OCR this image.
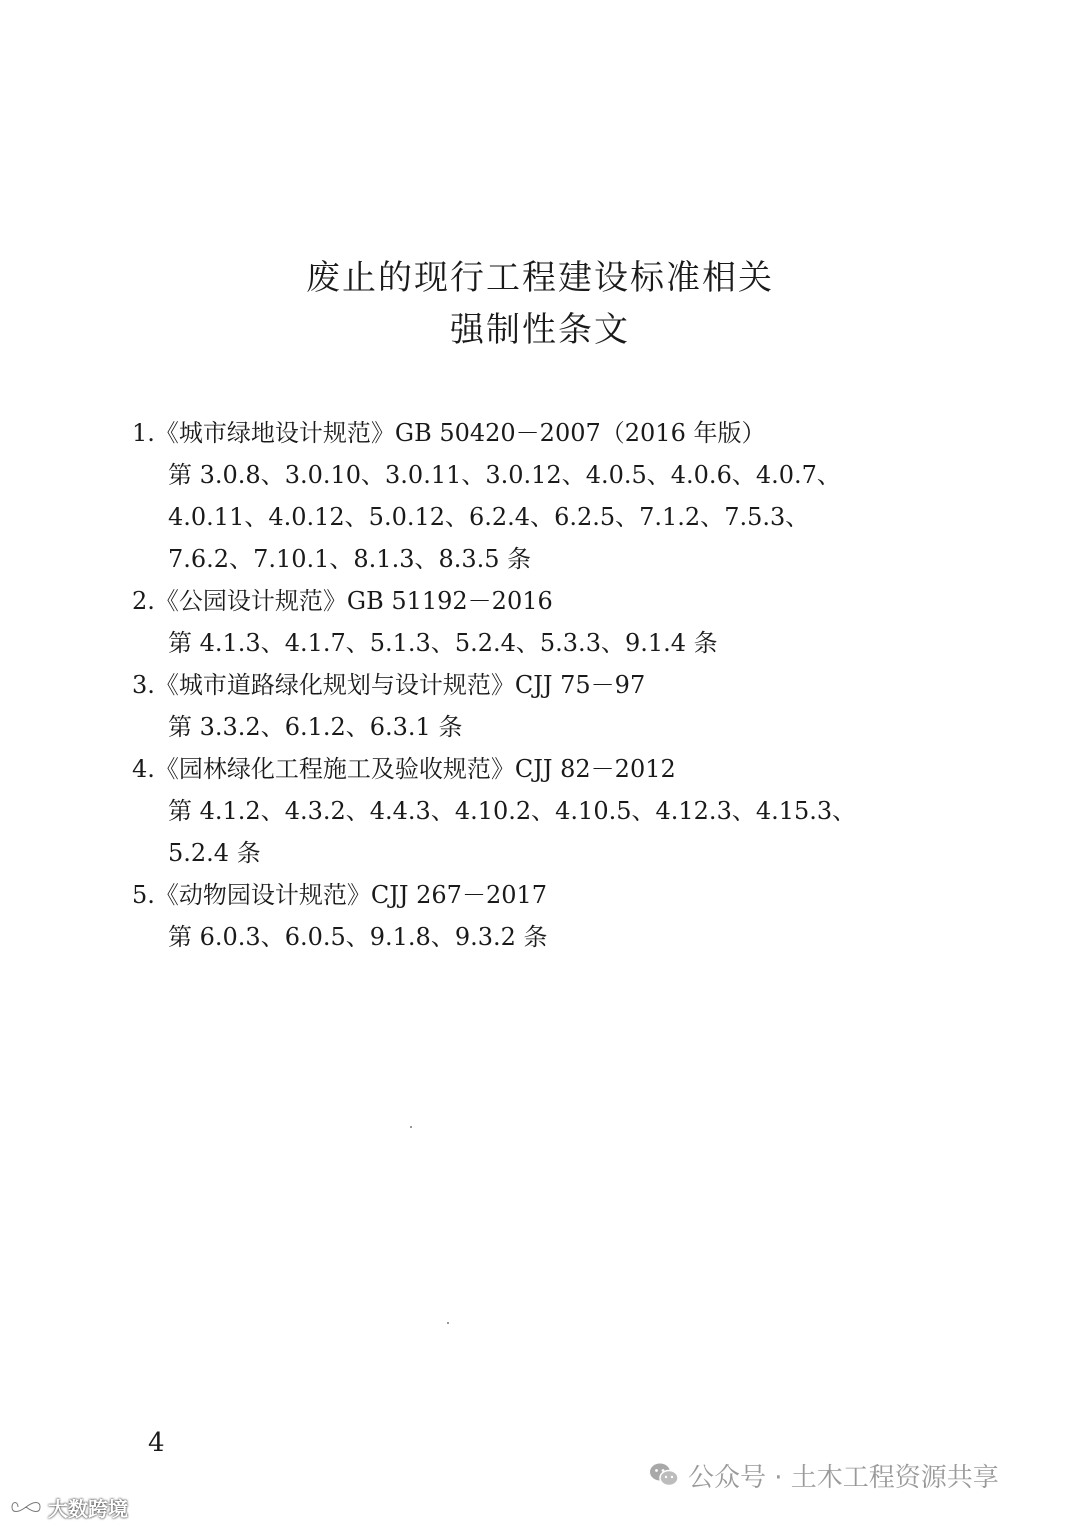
废止的现行工程建设标准相关
强制性条文
1.《城市绿地设计规范》GB 50420－2007（2016 年版）
第 3.0.8、3.0.10、3.0.11、3.0.12、4.0.5、4.0.6、4.0.7、
4.0.11、4.0.12、5.0.12、6.2.4、6.2.5、7.1.2、7.5.3、
7.6.2、7.10.1、8.1.3、8.3.5 条
2.《公园设计规范》GB 51192－2016
第 4.1.3、4.1.7、5.1.3、5.2.4、5.3.3、9.1.4 条
3.《城市道路绿化规划与设计规范》CJJ 75－97
第 3.3.2、6.1.2、6.3.1 条
4.《园林绿化工程施工及验收规范》CJJ 82－2012
第 4.1.2、4.3.2、4.4.3、4.10.2、4.10.5、4.12.3、4.15.3、
5.2.4 条
5.《动物园设计规范》CJJ 267－2017
第 6.0.3、6.0.5、9.1.8、9.3.2 条
4
公众号 · 土木工程资源共享
大数跨境
